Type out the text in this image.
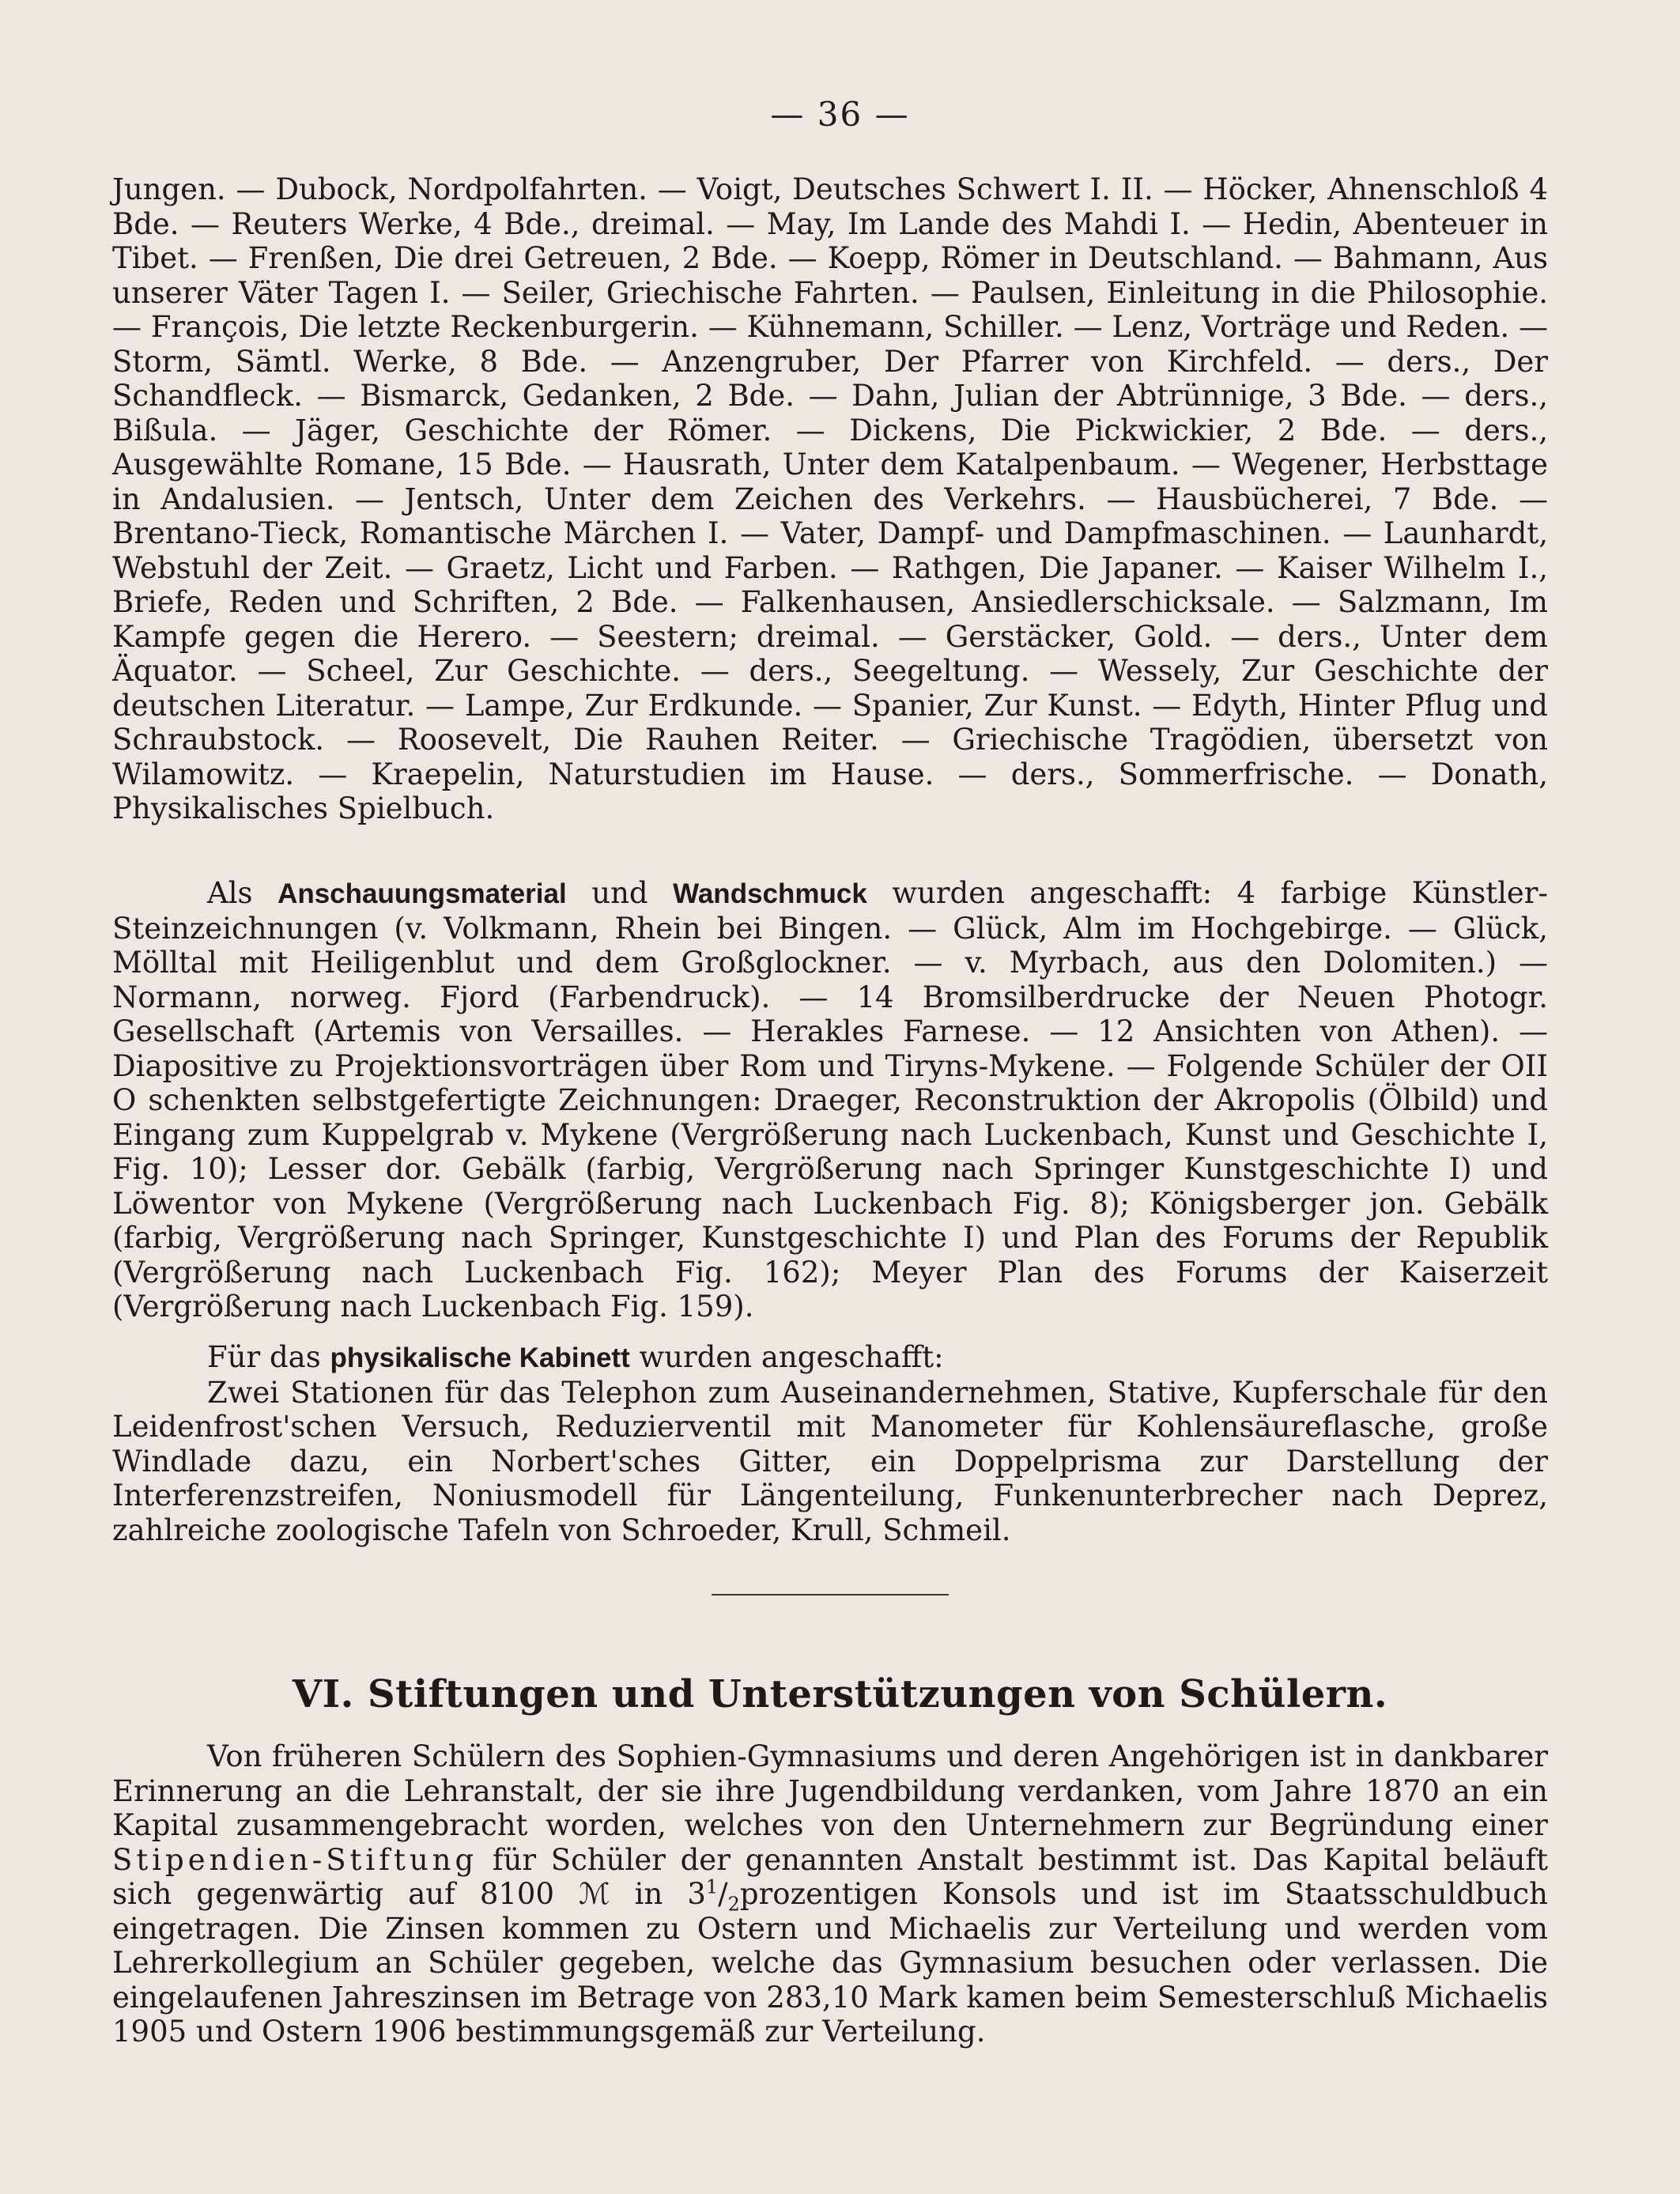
— 36 —

Jungen. — Dubock, Nordpolfahrten. — Voigt, Deutsches Schwert I. II. — Höcker, Ahnenschloß 4 Bde. — Reuters Werke, 4 Bde., dreimal. — May, Im Lande des Mahdi I. — Hedin, Abenteuer in Tibet. — Frenßen, Die drei Getreuen, 2 Bde. — Koepp, Römer in Deutschland. — Bahmann, Aus unserer Väter Tagen I. — Seiler, Griechische Fahrten. — Paulsen, Einleitung in die Philosophie. — François, Die letzte Reckenburgerin. — Kühnemann, Schiller. — Lenz, Vorträge und Reden. — Storm, Sämtl. Werke, 8 Bde. — Anzengruber, Der Pfarrer von Kirchfeld. — ders., Der Schandfleck. — Bismarck, Gedanken, 2 Bde. — Dahn, Julian der Abtrünnige, 3 Bde. — ders., Bißula. — Jäger, Geschichte der Römer. — Dickens, Die Pickwickier, 2 Bde. — ders., Ausgewählte Romane, 15 Bde. — Hausrath, Unter dem Katalpenbaum. — Wegener, Herbsttage in Andalusien. — Jentsch, Unter dem Zeichen des Verkehrs. — Hausbücherei, 7 Bde. — Brentano-Tieck, Romantische Märchen I. — Vater, Dampf- und Dampfmaschinen. — Launhardt, Webstuhl der Zeit. — Graetz, Licht und Farben. — Rathgen, Die Japaner. — Kaiser Wilhelm I., Briefe, Reden und Schriften, 2 Bde. — Falkenhausen, Ansiedlerschicksale. — Salzmann, Im Kampfe gegen die Herero. — Seestern; dreimal. — Gerstäcker, Gold. — ders., Unter dem Äquator. — Scheel, Zur Geschichte. — ders., Seegeltung. — Wessely, Zur Geschichte der deutschen Literatur. — Lampe, Zur Erdkunde. — Spanier, Zur Kunst. — Edyth, Hinter Pflug und Schraubstock. — Roosevelt, Die Rauhen Reiter. — Griechische Tragödien, übersetzt von Wilamowitz. — Kraepelin, Naturstudien im Hause. — ders., Sommerfrische. — Donath, Physikalisches Spielbuch.

Als Anschauungsmaterial und Wandschmuck wurden angeschafft: 4 farbige Künstler-Steinzeichnungen (v. Volkmann, Rhein bei Bingen. — Glück, Alm im Hochgebirge. — Glück, Mölltal mit Heiligenblut und dem Großglockner. — v. Myrbach, aus den Dolomiten.) — Normann, norweg. Fjord (Farbendruck). — 14 Bromsilberdrucke der Neuen Photogr. Gesellschaft (Artemis von Versailles. — Herakles Farnese. — 12 Ansichten von Athen). — Diapositive zu Projektionsvorträgen über Rom und Tiryns-Mykene. — Folgende Schüler der OII O schenkten selbstgefertigte Zeichnungen: Draeger, Reconstruktion der Akropolis (Ölbild) und Eingang zum Kuppelgrab v. Mykene (Vergrößerung nach Luckenbach, Kunst und Geschichte I, Fig. 10); Lesser dor. Gebälk (farbig, Vergrößerung nach Springer Kunstgeschichte I) und Löwentor von Mykene (Vergrößerung nach Luckenbach Fig. 8); Königsberger jon. Gebälk (farbig, Vergrößerung nach Springer, Kunstgeschichte I) und Plan des Forums der Republik (Vergrößerung nach Luckenbach Fig. 162); Meyer Plan des Forums der Kaiserzeit (Vergrößerung nach Luckenbach Fig. 159).

Für das physikalische Kabinett wurden angeschafft:

Zwei Stationen für das Telephon zum Auseinandernehmen, Stative, Kupferschale für den Leidenfrost'schen Versuch, Reduzierventil mit Manometer für Kohlensäureflasche, große Windlade dazu, ein Norbert'sches Gitter, ein Doppelprisma zur Darstellung der Interferenzstreifen, Noniusmodell für Längenteilung, Funkenunterbrecher nach Deprez, zahlreiche zoologische Tafeln von Schroeder, Krull, Schmeil.

VI. Stiftungen und Unterstützungen von Schülern.

Von früheren Schülern des Sophien-Gymnasiums und deren Angehörigen ist in dankbarer Erinnerung an die Lehranstalt, der sie ihre Jugendbildung verdanken, vom Jahre 1870 an ein Kapital zusammengebracht worden, welches von den Unternehmern zur Begründung einer Stipendien-Stiftung für Schüler der genannten Anstalt bestimmt ist. Das Kapital beläuft sich gegenwärtig auf 8100 ℳ in $3^1/_2prozentigen$ Konsols und ist im Staatsschuldbuch eingetragen. Die Zinsen kommen zu Ostern und Michaelis zur Verteilung und werden vom Lehrerkollegium an Schüler gegeben, welche das Gymnasium besuchen oder verlassen. Die eingelaufenen Jahreszinsen im Betrage von 283,10 Mark kamen beim Semesterschluß Michaelis 1905 und Ostern 1906 bestimmungsgemäß zur Verteilung.
